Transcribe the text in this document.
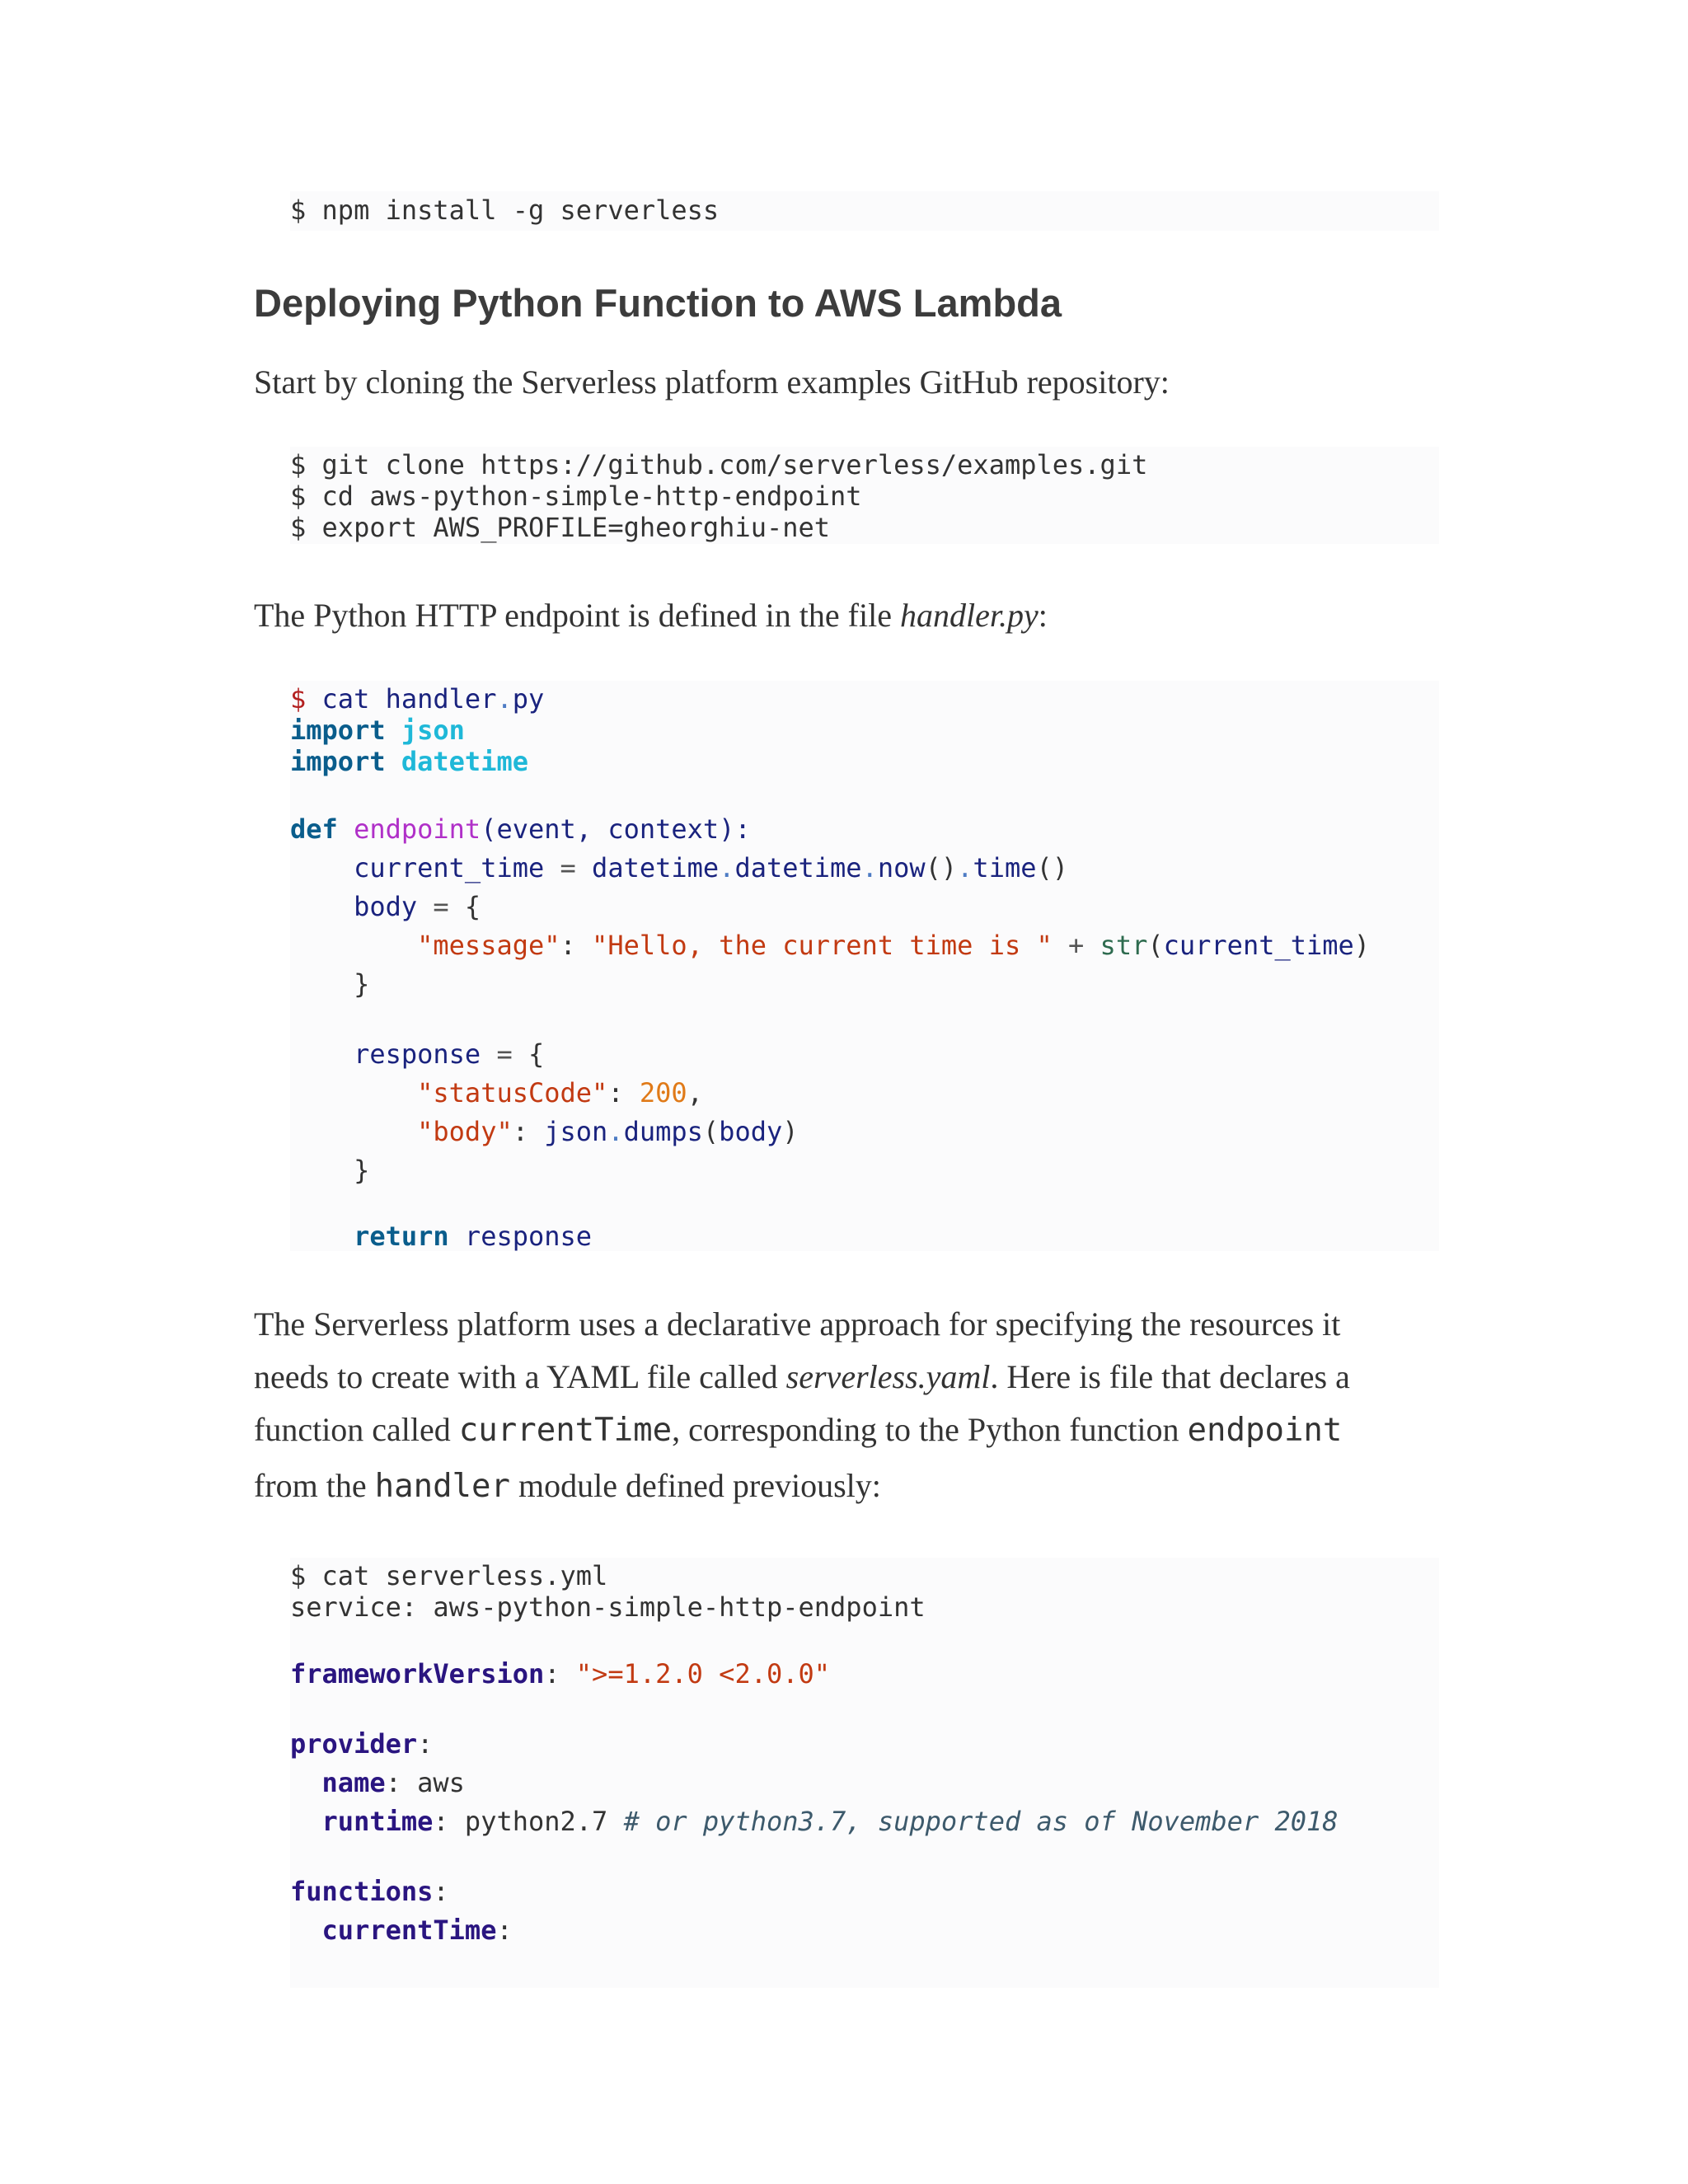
$ npm install -g serverless

Deploying Python Function to AWS Lambda
Start by cloning the Serverless platform examples GitHub repository:

$ git clone https://github.com/serverless/examples.git

$ cd aws-python-simple-http-endpoint

$ export AWS_PROFILE=gheorghiu-net

The Python HTTP endpoint is defined in the file handler.py:

$ cat handler.py

import json

import datetime

def endpoint(event, context):

current_time = datetime.datetime.now().time()

body = {

"message": "Hello, the current time is " + str(current_time)

}

response = {

"statusCode": 200,

"body": json.dumps(body)

}

return response

The Serverless platform uses a declarative approach for specifying the resources it
needs to create with a YAML file called serverless.yaml. Here is file that declares a
function called currentTime, corresponding to the Python function endpoint
from the handler module defined previously:

$ cat serverless.yml

service: aws-python-simple-http-endpoint

frameworkVersion: ">=1.2.0 <2.0.0"

provider:

name: aws

runtime: python2.7 # or python3.7, supported as of November 2018

functions:

currentTime:
